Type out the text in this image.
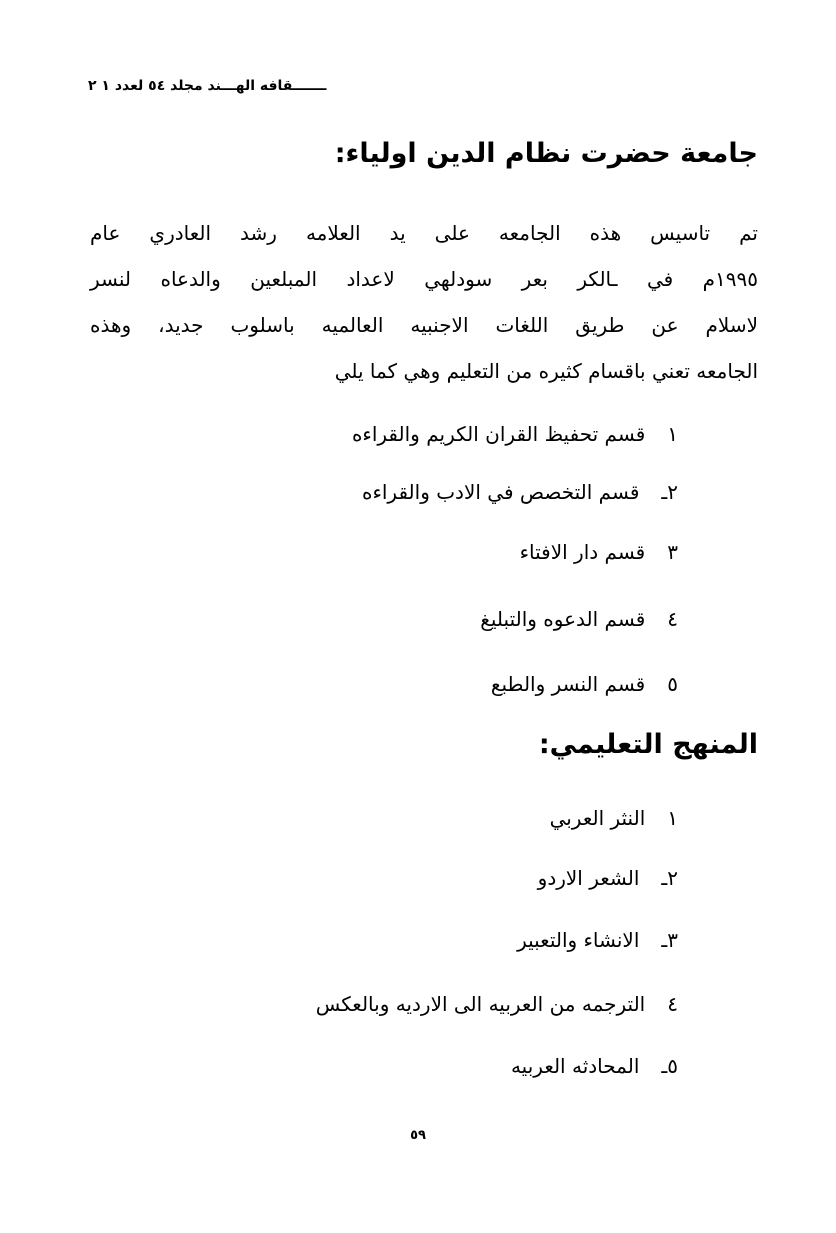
ـــــــقافه الهـــند مجلد ٥٤ لعدد ١ ٢
جامعة حضرت نظام الدين اولياء:
تم تاسيس هذه الجامعه على يد العلامه رشد العادري عام
١٩٩٥م في ـالكر بعر سودلهي لاعداد المبلعين والدعاه لنسر
لاسلام عن طريق اللغات الاجنبيه العالميه باسلوب جديد، وهذه
الجامعه تعني باقسام كثيره من التعليم وهي كما يلي
١قسم تحفيظ القران الكريم والقراءه
٢ـقسم التخصص في الادب والقراءه
٣قسم دار الافتاء
٤قسم الدعوه والتبليغ
٥قسم النسر والطبع
المنهج التعليمي:
١النثر العربي
٢ـالشعر الاردو
٣ـالانشاء والتعبير
٤الترجمه من العربيه الى الارديه وبالعكس
٥ـالمحادثه العربيه
٥٩
